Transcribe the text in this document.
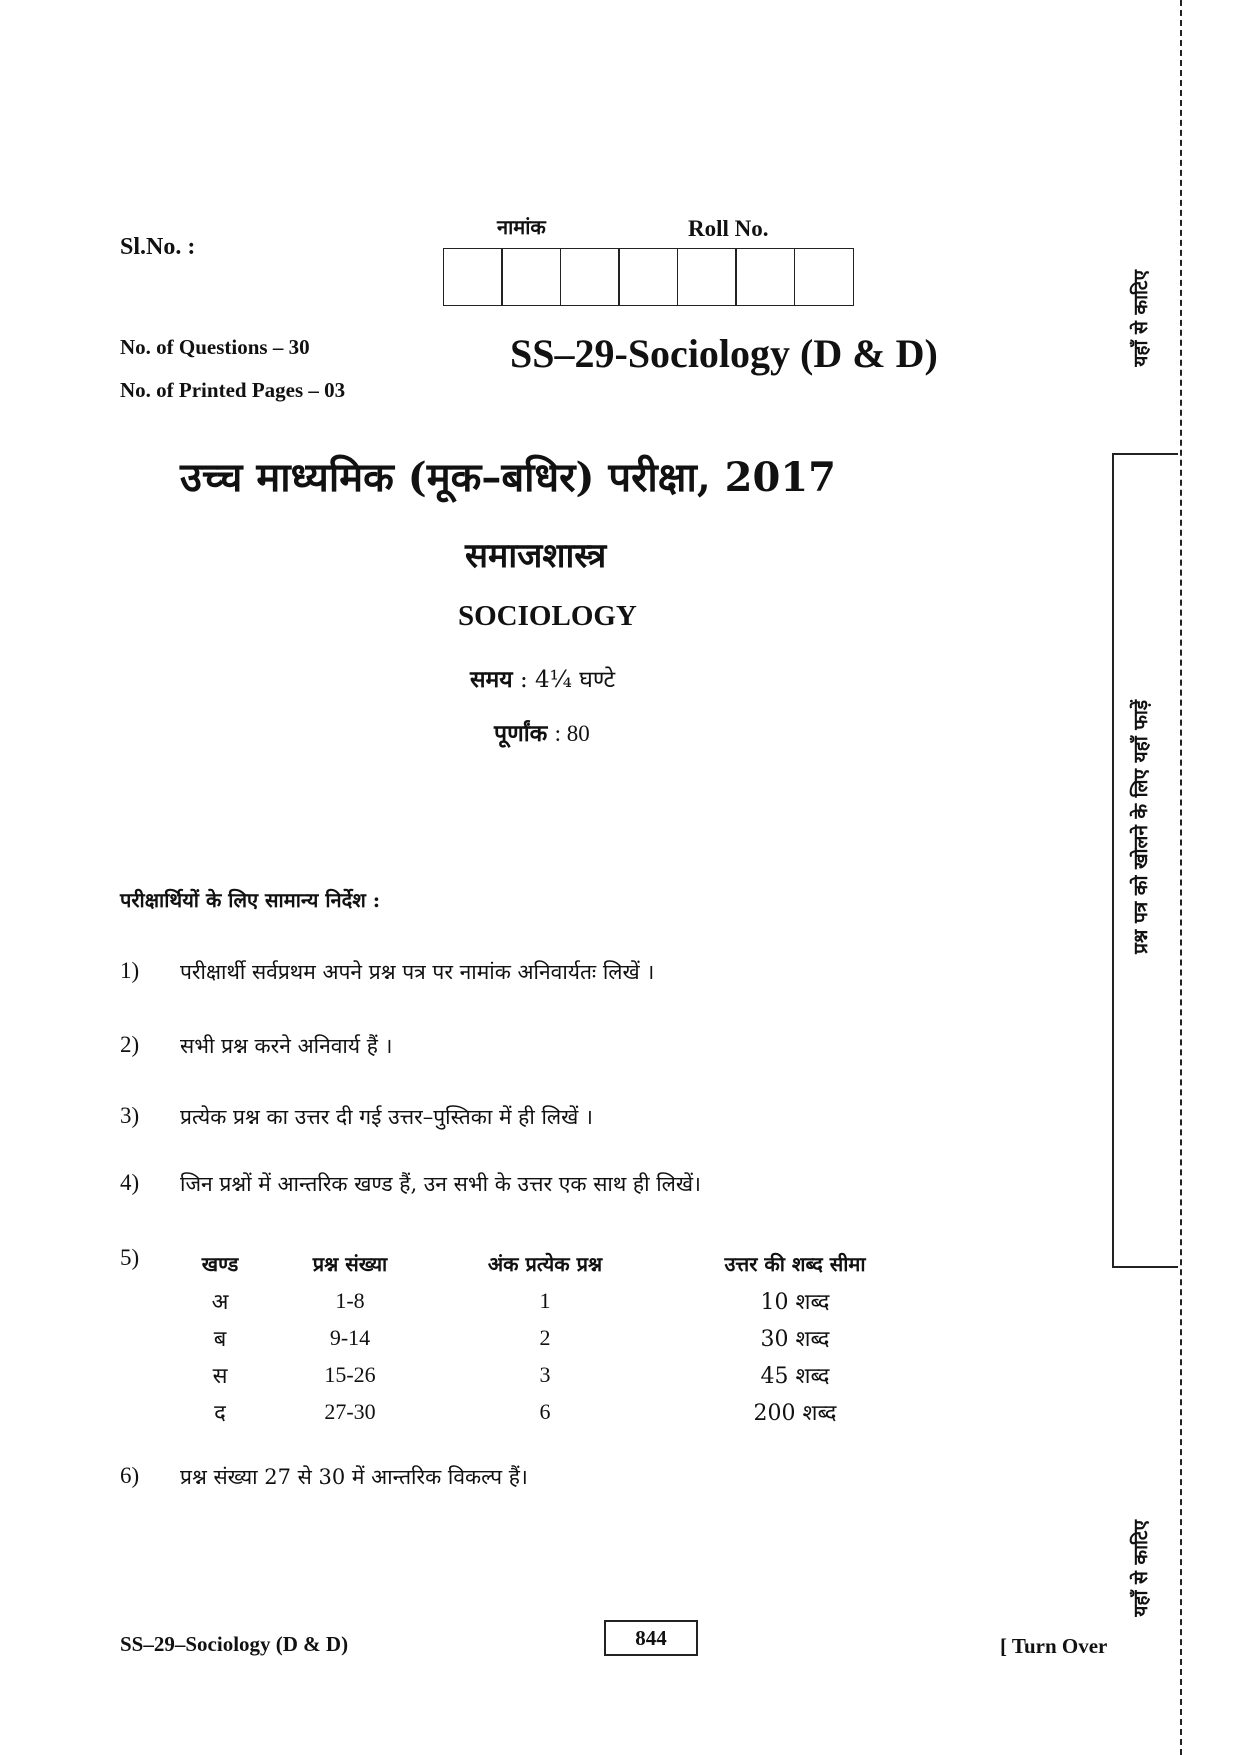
यहाँ से काटिए
प्रश्न पत्र को खोलने के लिए यहाँ फाड़ें
यहाँ से काटिए
Sl.No. :
नामांक	Roll No.
No. of Questions – 30
No. of Printed Pages – 03
SS–29-Sociology (D & D)
उच्च माध्यमिक (मूक–बधिर) परीक्षा, 2017
समाजशास्त्र
SOCIOLOGY
समय : 4¼ घण्टे
पूर्णांक : 80
परीक्षार्थियों के लिए सामान्य निर्देश :
1)	परीक्षार्थी सर्वप्रथम अपने प्रश्न पत्र पर नामांक अनिवार्यतः लिखें ।
2)	सभी प्रश्न करने अनिवार्य हैं ।
3)	प्रत्येक प्रश्न का उत्तर दी गई उत्तर–पुस्तिका में ही लिखें ।
4)	जिन प्रश्नों में आन्तरिक खण्ड हैं, उन सभी के उत्तर एक साथ ही लिखें।
5)
		खण्ड	प्रश्न संख्या	अंक प्रत्येक प्रश्न	उत्तर की शब्द सीमा
	अ	1-8	1	10 शब्द
	ब	9-14	2	30 शब्द
	स	15-26	3	45 शब्द
	द	27-30	6	200 शब्द
6)	प्रश्न संख्या 27 से 30 में आन्तरिक विकल्प हैं।
SS–29–Sociology (D & D)	844	[ Turn Over
